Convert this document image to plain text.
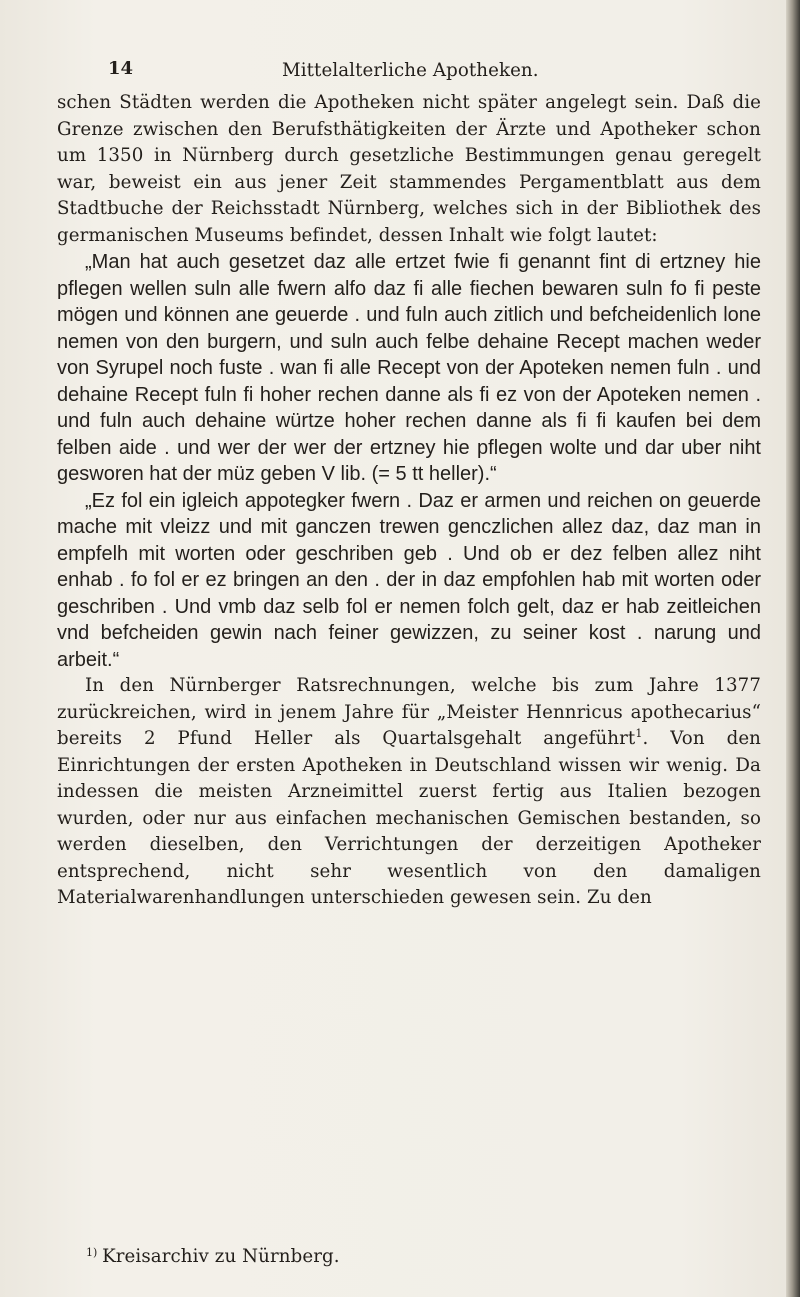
14	Mittelalterliche Apotheken.

schen Städten werden die Apotheken nicht später angelegt sein. Daß die Grenze zwischen den Berufsthätigkeiten der Ärzte und Apotheker schon um 1350 in Nürnberg durch gesetzliche Bestimmungen genau geregelt war, beweist ein aus jener Zeit stammendes Pergamentblatt aus dem Stadtbuche der Reichsstadt Nürnberg, welches sich in der Bibliothek des germanischen Museums befindet, dessen Inhalt wie folgt lautet:

„Man hat auch gesetzet daz alle ertzet fwie fi genannt fint di ertzney hie pflegen wellen suln alle fwern alfo daz fi alle fiechen bewaren suln fo fi peste mögen und können ane geuerde . und fuln auch zitlich und befcheidenlich lone nemen von den burgern, und suln auch felbe dehaine Recept machen weder von Syrupel noch fuste . wan fi alle Recept von der Apoteken nemen fuln . und dehaine Recept fuln fi hoher rechen danne als fi ez von der Apoteken nemen . und fuln auch dehaine würtze hoher rechen danne als fi fi kaufen bei dem felben aide . und wer der wer der ertzney hie pflegen wolte und dar uber niht gesworen hat der müz geben V lib. (= 5 tt heller).“

„Ez fol ein igleich appotegker fwern . Daz er armen und reichen on geuerde mache mit vleizz und mit ganczen trewen genczlichen allez daz, daz man in empfelh mit worten oder geschriben geb . Und ob er dez felben allez niht enhab . fo fol er ez bringen an den . der in daz empfohlen hab mit worten oder geschriben . Und vmb daz selb fol er nemen folch gelt, daz er hab zeitleichen vnd befcheiden gewin nach feiner gewizzen, zu seiner kost . narung und arbeit.“

In den Nürnberger Ratsrechnungen, welche bis zum Jahre 1377 zurückreichen, wird in jenem Jahre für „Meister Hennricus apothecarius“ bereits 2 Pfund Heller als Quartalsgehalt angeführt$^1$. Von den Einrichtungen der ersten Apotheken in Deutschland wissen wir wenig. Da indessen die meisten Arzneimittel zuerst fertig aus Italien bezogen wurden, oder nur aus einfachen mechanischen Gemischen bestanden, so werden dieselben, den Verrichtungen der derzeitigen Apotheker entsprechend, nicht sehr wesentlich von den damaligen Materialwarenhandlungen unterschieden gewesen sein. Zu den

$^{1)}$ Kreisarchiv zu Nürnberg.
